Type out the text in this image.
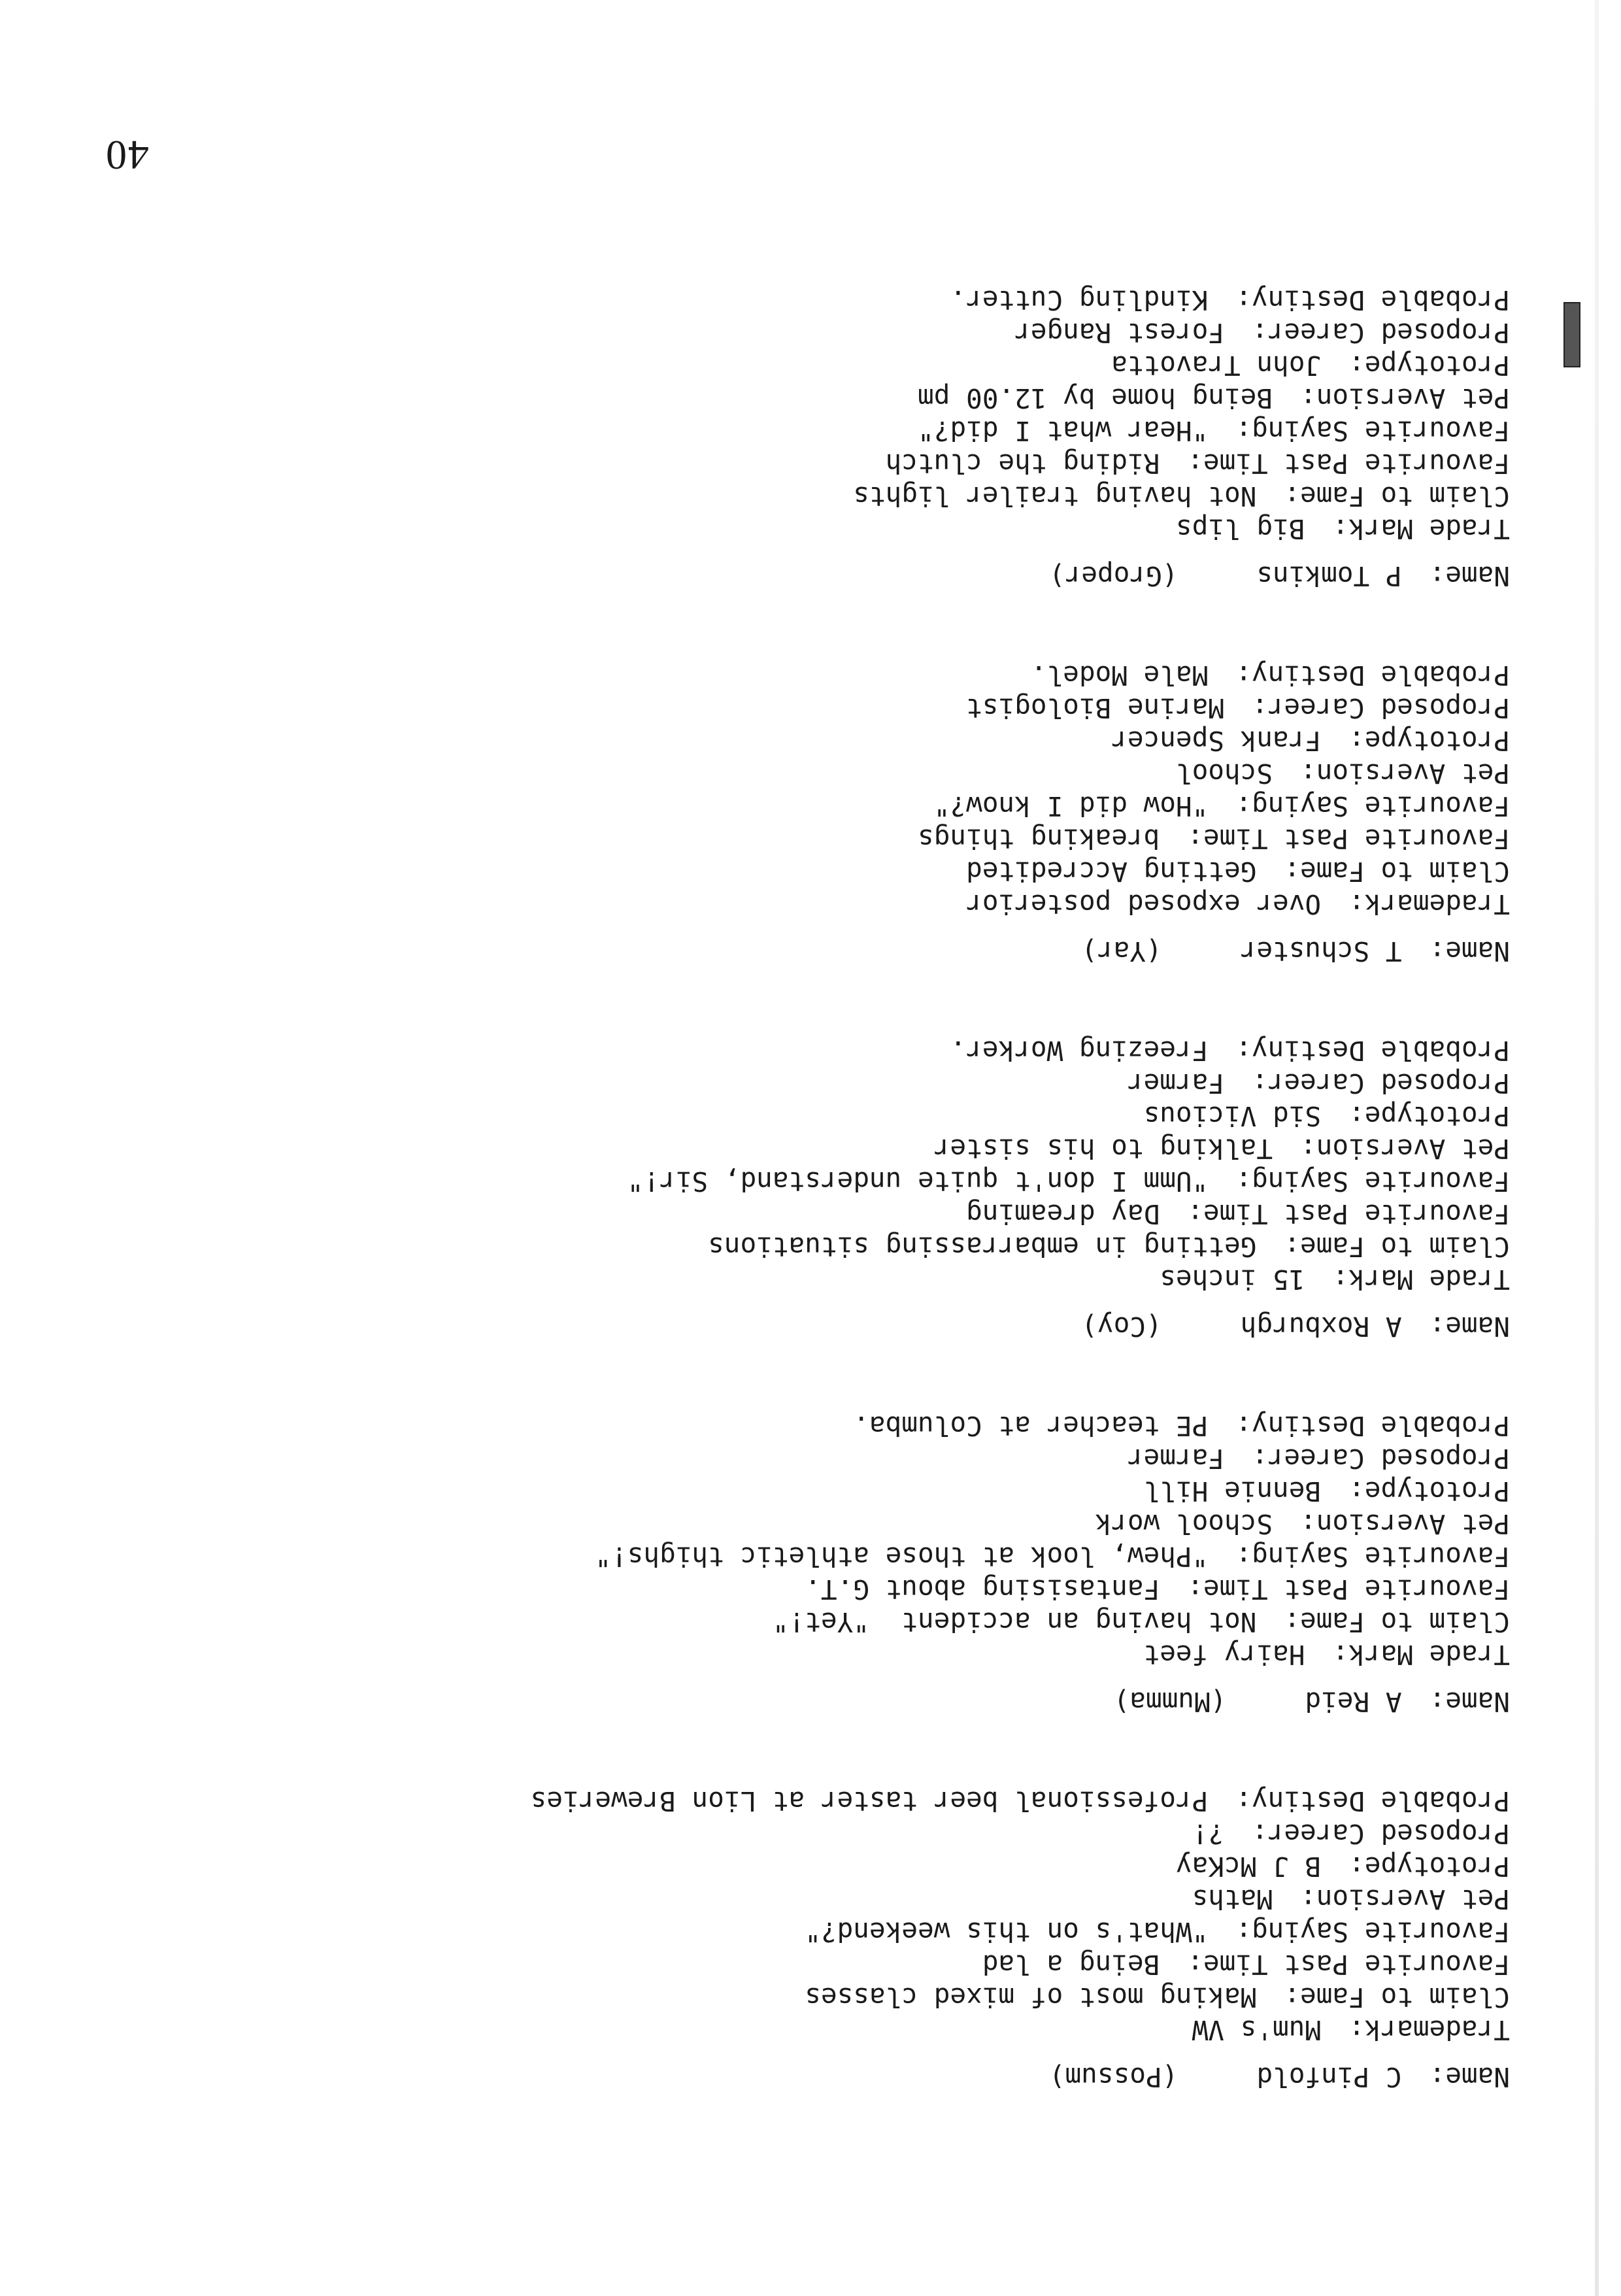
Name:C Pinfold(Possum)
Trademark:Mum's VW
Claim to Fame:Making most of mixed classes
Favourite Past Time:Being a lad
Favourite Saying:"What's on this weekend?"
Pet Aversion:Maths
Prototype:B J McKay
Proposed Career:?!
Probable Destiny:Professional beer taster at Lion Breweries
Name:A Reid(Mumma)
Trade Mark:Hairy feet
Claim to Fame:Not having an accident  "Yet!"
Favourite Past Time:Fantasising about G.T.
Favourite Saying:"Phew, look at those athletic thighs!"
Pet Aversion:School work
Prototype:Bennie Hill
Proposed Career:Farmer
Probable Destiny:PE teacher at Columba.
Name:A Roxburgh(Coy)
Trade Mark:15 inches
Claim to Fame:Getting in embarrassing situations
Favourite Past Time:Day dreaming
Favourite Saying:"Umm I don't quite understand, Sir!"
Pet Aversion:Talking to his sister
Prototype:Sid Vicious
Proposed Career:Farmer
Probable Destiny:Freezing Worker.
Name:T Schuster(Yar)
Trademark:Over exposed posterior
Claim to Fame:Getting Accredited
Favourite Past Time:breaking things
Favourite Saying:"How did I know?"
Pet Aversion:School
Prototype:Frank Spencer
Proposed Career:Marine Biologist
Probable Destiny:Male Model.
Name:P Tomkins(Groper)
Trade Mark:Big lips
Claim to Fame:Not having trailer lights
Favourite Past Time:Riding the clutch
Favourite Saying:"Hear what I did?"
Pet Aversion:Being home by 12.00 pm
Prototype:John Travotta
Proposed Career:Forest Ranger
Probable Destiny:Kindling Cutter.
40
